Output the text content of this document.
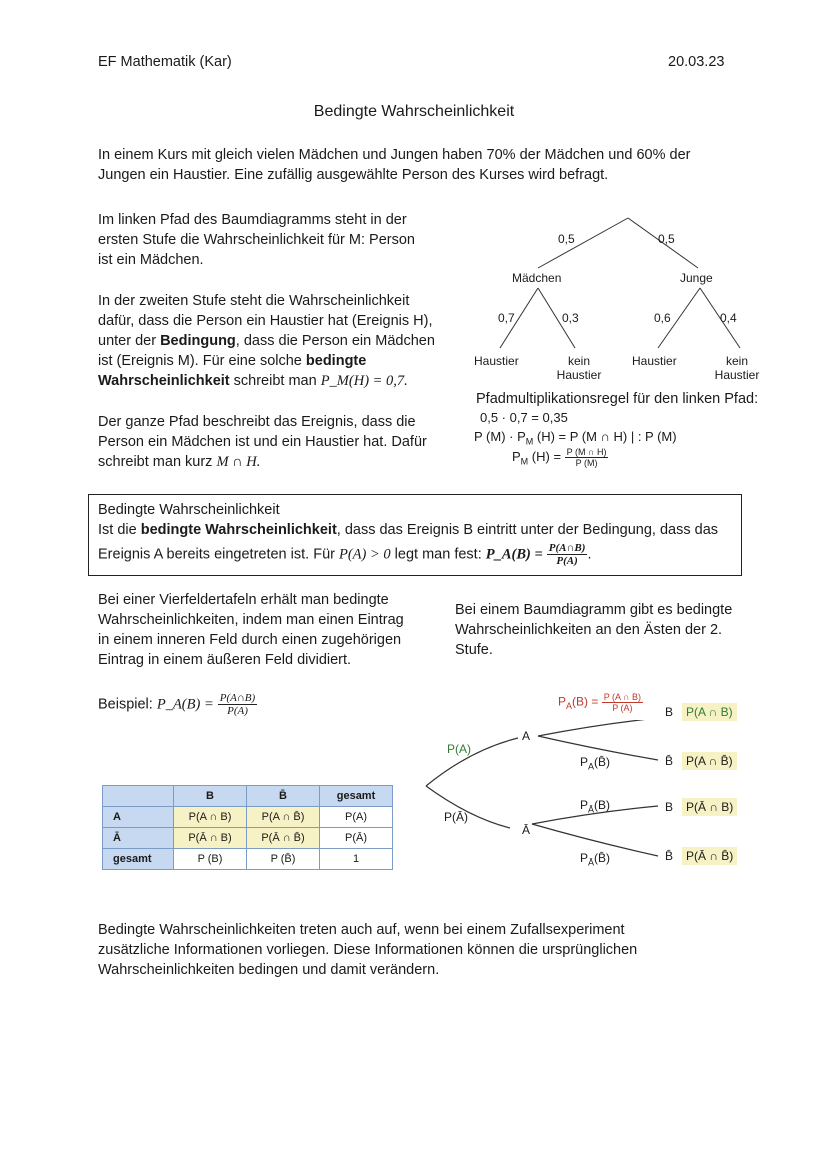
EF Mathematik (Kar)	20.03.23
Bedingte Wahrscheinlichkeit
In einem Kurs mit gleich vielen Mädchen und Jungen haben 70% der Mädchen und 60% der
Jungen ein Haustier. Eine zufällig ausgewählte Person des Kurses wird befragt.
Im linken Pfad des Baumdiagramms steht in der
ersten Stufe die Wahrscheinlichkeit für M: Person
ist ein Mädchen.
In der zweiten Stufe steht die Wahrscheinlichkeit
dafür, dass die Person ein Haustier hat (Ereignis H),
unter der Bedingung, dass die Person ein Mädchen
ist (Ereignis M). Für eine solche bedingte
Wahrscheinlichkeit schreibt man P_M(H) = 0,7.
Der ganze Pfad beschreibt das Ereignis, dass die
Person ein Mädchen ist und ein Haustier hat. Dafür
schreibt man kurz M ∩ H.
0,5	0,5
Mädchen	Junge
0,7	0,3	0,6	0,4
Haustier	kein
Haustier
Haustier	kein
Haustier
Pfadmultiplikationsregel für den linken Pfad:
0,5 · 0,7 = 0,35
P $(M) \cdot P_M$ (H) = P (M ∩ H) | : P (M)
$P_M$ $(H) = \frac{P (M \cap H)}{P (M)}$
Bedingte Wahrscheinlichkeit
Ist die bedingte Wahrscheinlichkeit, dass das Ereignis B eintritt unter der Bedingung, dass das
Ereignis A bereits eingetreten ist. Für P(A) > 0 legt man fest: P_A(B) = $\frac{P(A\cap B)}{P(A)}$ .
Bei einer Vierfeldertafeln erhält man bedingte
Wahrscheinlichkeiten, indem man einen Eintrag
in einem inneren Feld durch einen zugehörigen
Eintrag in einem äußeren Feld dividiert.
Beispiel: P_A(B) = $\frac{P(A\cap B)}{P(A)}$
Bei einem Baumdiagramm gibt es bedingte
Wahrscheinlichkeiten an den Ästen der 2.
Stufe.
	B	B̄	gesamt
A	P(A ∩ B)	P(A ∩ B̄)	P(A)
Ā	P(Ā ∩ B)	P(Ā ∩ B̄)	P(Ā)
gesamt	P (B)	P (B̄)	1
$P_A(B) = \frac{P (A \cap B)}{P (A)}$
P(A)
P(Ā)
A
Ā
$P_A(B̄)$
$P_Ā(B)$
$P_Ā(B̄)$
B
B̄
B
B̄
P(A ∩ B)
P(A ∩ B̄)
P(Ā ∩ B)
P(Ā ∩ B̄)
Bedingte Wahrscheinlichkeiten treten auch auf, wenn bei einem Zufallsexperiment
zusätzliche Informationen vorliegen. Diese Informationen können die ursprünglichen
Wahrscheinlichkeiten bedingen und damit verändern.
